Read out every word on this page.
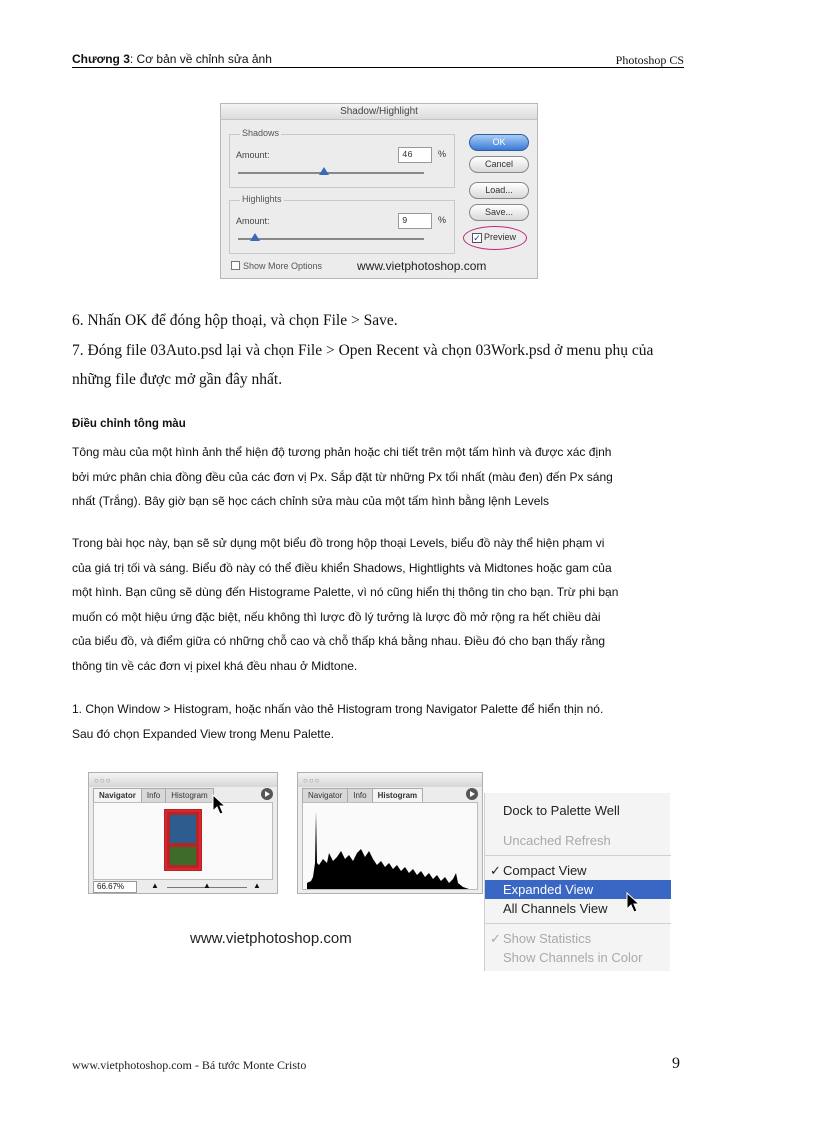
Chương 3: Cơ bản về chỉnh sửa ảnh	Photoshop CS
Shadow/Highlight
Shadows
Amount:	46	%
Highlights
Amount:	9	%
OK
Cancel
Load...
Save...
✓ Preview
Show More Options	www.vietphotoshop.com
6. Nhấn OK để đóng hộp thoại, và chọn File > Save.
7. Đóng file 03Auto.psd lại và chọn File > Open Recent và chọn 03Work.psd ở menu phụ của
những file được mở gần đây nhất.
Điều chỉnh tông màu
Tông màu của một hình ảnh thể hiện độ tương phản hoặc chi tiết trên một tấm hình và được xác định
bởi mức phân chia đồng đều của các đơn vị Px. Sắp đặt từ những Px tối nhất (màu đen) đến Px sáng
nhất (Trắng). Bây giờ bạn sẽ học cách chỉnh sửa màu của một tấm hình bằng lệnh Levels
Trong bài học này, bạn sẽ sử dụng một biểu đồ trong hộp thoại Levels, biểu đồ này thể hiện phạm vi
của giá trị tối và sáng. Biểu đồ này có thể điều khiển Shadows, Hightlights và Midtones hoặc gam của
một hình. Bạn cũng sẽ dùng đến Histograme Palette, vì nó cũng hiển thị thông tin cho bạn. Trừ phi bạn
muốn có một hiệu ứng đặc biệt, nếu không thì lược đồ lý tưởng là lược đồ mở rộng ra hết chiều dài
của biểu đồ, và điểm giữa có những chỗ cao và chỗ thấp khá bằng nhau. Điều đó cho bạn thấy rằng
thông tin về các đơn vị pixel khá đều nhau ở Midtone.
1. Chọn Window > Histogram, hoặc nhấn vào thẻ Histogram trong Navigator Palette để hiển thịn nó.
Sau đó chọn Expanded View trong Menu Palette.
○○○
Navigator Info Histogram
66.67%	▲	▲	▲
○○○
Navigator Info Histogram
Dock to Palette Well
Uncached Refresh
✓ Compact View
Expanded View
All Channels View
✓ Show Statistics
Show Channels in Color
www.vietphotoshop.com
www.vietphotoshop.com - Bá tước Monte Cristo	9
